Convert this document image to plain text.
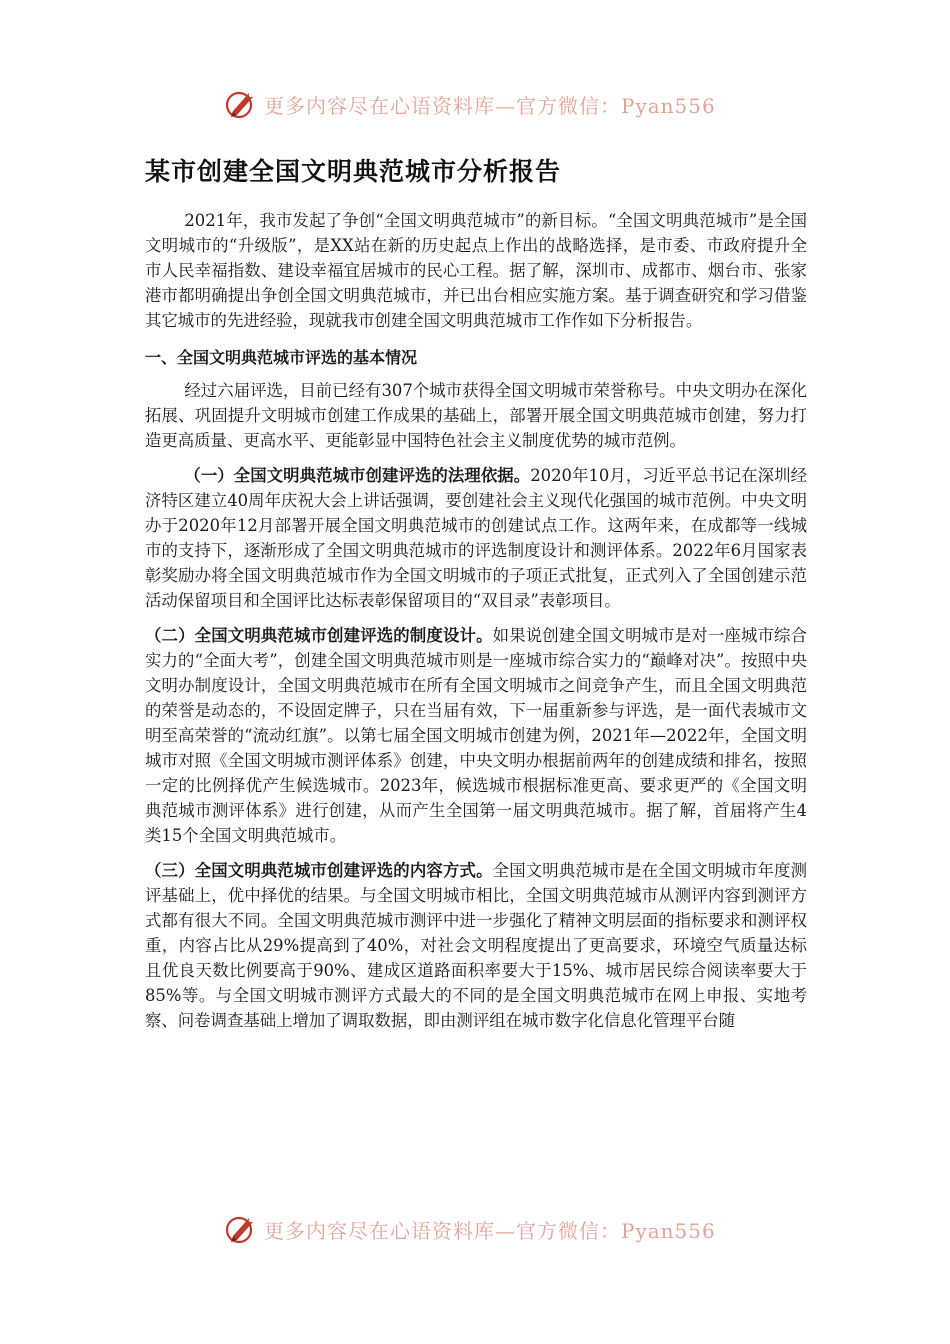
更多内容尽在心语资料库—官方微信：Pyan556
某市创建全国文明典范城市分析报告

2021年，我市发起了争创“全国文明典范城市”的新目标。“全国文明典范城市”是全国文明城市的“升级版”，是XX站在新的历史起点上作出的战略选择，是市委、市政府提升全市人民幸福指数、建设幸福宜居城市的民心工程。据了解，深圳市、成都市、烟台市、张家港市都明确提出争创全国文明典范城市，并已出台相应实施方案。基于调查研究和学习借鉴其它城市的先进经验，现就我市创建全国文明典范城市工作作如下分析报告。

一、全国文明典范城市评选的基本情况

经过六届评选，目前已经有307个城市获得全国文明城市荣誉称号。中央文明办在深化拓展、巩固提升文明城市创建工作成果的基础上，部署开展全国文明典范城市创建，努力打造更高质量、更高水平、更能彰显中国特色社会主义制度优势的城市范例。

（一）全国文明典范城市创建评选的法理依据。2020年10月，习近平总书记在深圳经济特区建立40周年庆祝大会上讲话强调，要创建社会主义现代化强国的城市范例。中央文明办于2020年12月部署开展全国文明典范城市的创建试点工作。这两年来，在成都等一线城市的支持下，逐渐形成了全国文明典范城市的评选制度设计和测评体系。2022年6月国家表彰奖励办将全国文明典范城市作为全国文明城市的子项正式批复，正式列入了全国创建示范活动保留项目和全国评比达标表彰保留项目的“双目录”表彰项目。

（二）全国文明典范城市创建评选的制度设计。如果说创建全国文明城市是对一座城市综合实力的“全面大考”，创建全国文明典范城市则是一座城市综合实力的“巅峰对决”。按照中央文明办制度设计，全国文明典范城市在所有全国文明城市之间竞争产生，而且全国文明典范的荣誉是动态的，不设固定牌子，只在当届有效，下一届重新参与评选，是一面代表城市文明至高荣誉的“流动红旗”。以第七届全国文明城市创建为例，2021年—2022年，全国文明城市对照《全国文明城市测评体系》创建，中央文明办根据前两年的创建成绩和排名，按照一定的比例择优产生候选城市。2023年，候选城市根据标准更高、要求更严的《全国文明典范城市测评体系》进行创建，从而产生全国第一届文明典范城市。据了解，首届将产生4类15个全国文明典范城市。

（三）全国文明典范城市创建评选的内容方式。全国文明典范城市是在全国文明城市年度测评基础上，优中择优的结果。与全国文明城市相比，全国文明典范城市从测评内容到测评方式都有很大不同。全国文明典范城市测评中进一步强化了精神文明层面的指标要求和测评权重，内容占比从29%提高到了40%，对社会文明程度提出了更高要求，环境空气质量达标且优良天数比例要高于90%、建成区道路面积率要大于15%、城市居民综合阅读率要大于85%等。与全国文明城市测评方式最大的不同的是全国文明典范城市在网上申报、实地考察、问卷调查基础上增加了调取数据，即由测评组在城市数字化信息化管理平台随

更多内容尽在心语资料库—官方微信：Pyan556
